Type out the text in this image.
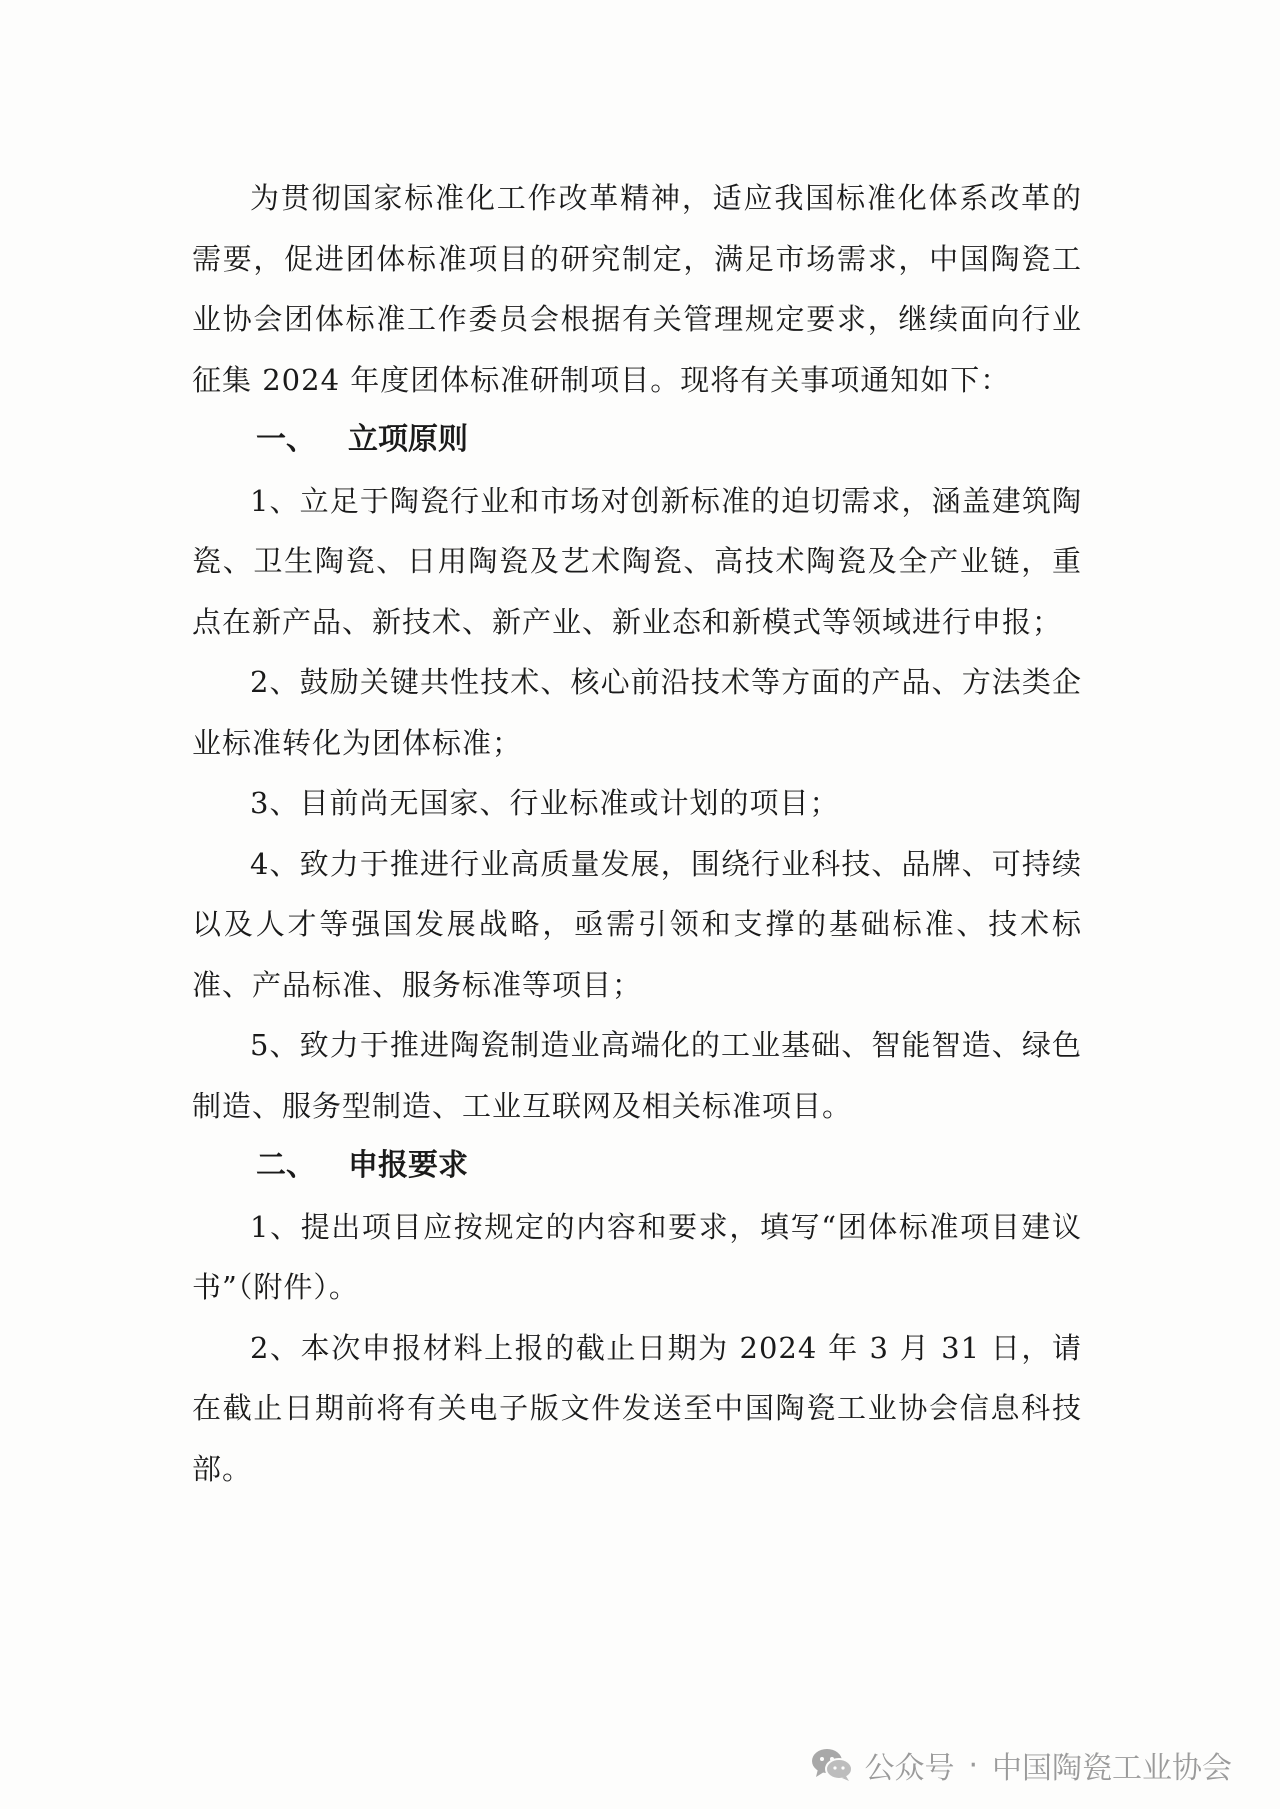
为贯彻国家标准化工作改革精神，适应我国标准化体系改革的需要，促进团体标准项目的研究制定，满足市场需求，中国陶瓷工业协会团体标准工作委员会根据有关管理规定要求，继续面向行业征集 2024 年度团体标准研制项目。现将有关事项通知如下：

一、 立项原则

1、立足于陶瓷行业和市场对创新标准的迫切需求，涵盖建筑陶瓷、卫生陶瓷、日用陶瓷及艺术陶瓷、高技术陶瓷及全产业链，重点在新产品、新技术、新产业、新业态和新模式等领域进行申报；

2、鼓励关键共性技术、核心前沿技术等方面的产品、方法类企业标准转化为团体标准；

3、目前尚无国家、行业标准或计划的项目；

4、致力于推进行业高质量发展，围绕行业科技、品牌、可持续以及人才等强国发展战略，亟需引领和支撑的基础标准、技术标准、产品标准、服务标准等项目；

5、致力于推进陶瓷制造业高端化的工业基础、智能智造、绿色制造、服务型制造、工业互联网及相关标准项目。

二、 申报要求

1、提出项目应按规定的内容和要求，填写“团体标准项目建议书”（附件）。

2、本次申报材料上报的截止日期为 2024 年 3 月 31 日，请在截止日期前将有关电子版文件发送至中国陶瓷工业协会信息科技部。

公众号 · 中国陶瓷工业协会
